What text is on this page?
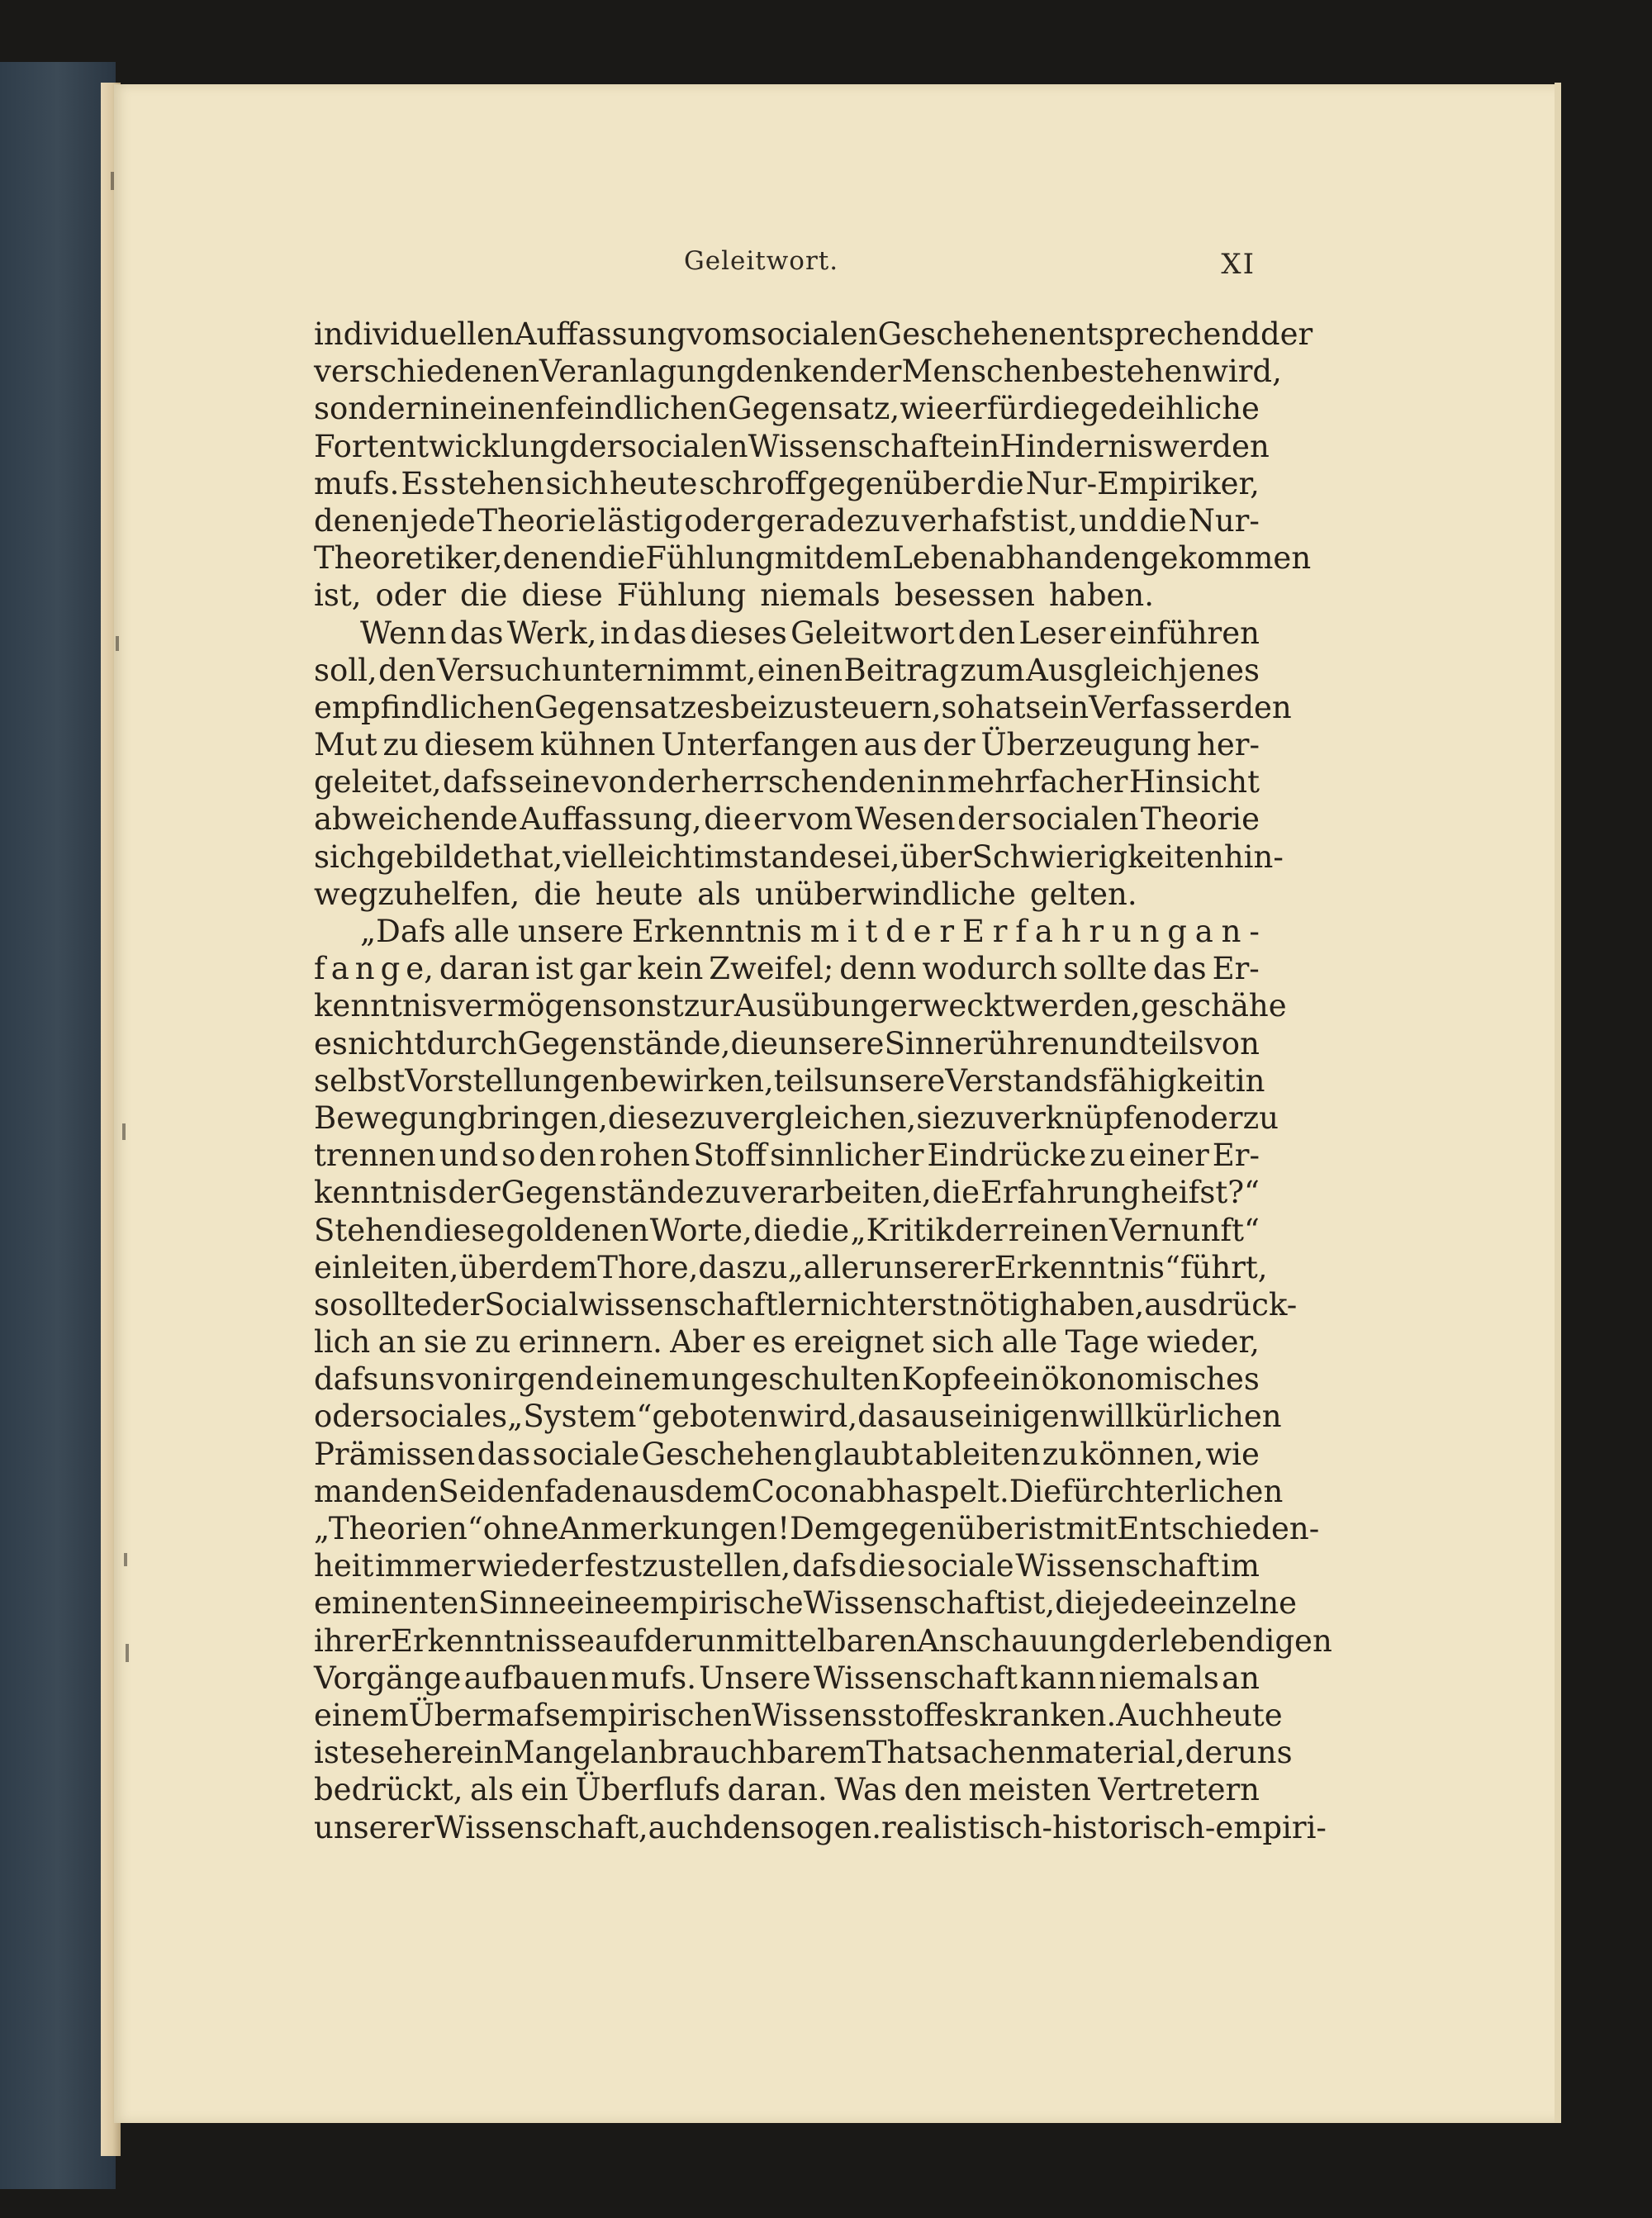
Geleitwort.	XI
individuellen Auffassung vom socialen Geschehen entsprechend der
verschiedenen Veranlagung denkender Menschen bestehen wird,
sondern in einen feindlichen Gegensatz, wie er für die gedeihliche
Fortentwicklung der socialen Wissenschaft ein Hindernis werden
mufs. Es stehen sich heute schroff gegenüber die Nur-Empiriker,
denen jede Theorie lästig oder geradezu verhafst ist, und die Nur-
Theoretiker, denen die Fühlung mit dem Leben abhanden gekommen
ist, oder die diese Fühlung niemals besessen haben.
Wenn das Werk, in das dieses Geleitwort den Leser einführen
soll, den Versuch unternimmt, einen Beitrag zum Ausgleich jenes
empfindlichen Gegensatzes beizusteuern, so hat sein Verfasser den
Mut zu diesem kühnen Unterfangen aus der Überzeugung her-
geleitet, dafs seine von der herrschenden in mehrfacher Hinsicht
abweichende Auffassung, die er vom Wesen der socialen Theorie
sich gebildet hat, vielleicht imstande sei, über Schwierigkeiten hin-
wegzuhelfen, die heute als unüberwindliche gelten.
„Dafs alle unsere Erkenntnis m i t d e r E r f a h r u n g a n -
f a n g e, daran ist gar kein Zweifel; denn wodurch sollte das Er-
kenntnisvermögen sonst zur Ausübung erweckt werden, geschähe
es nicht durch Gegenstände, die unsere Sinne rühren und teils von
selbst Vorstellungen bewirken, teils unsere Verstandsfähigkeit in
Bewegung bringen, diese zu vergleichen, sie zu verknüpfen oder zu
trennen und so den rohen Stoff sinnlicher Eindrücke zu einer Er-
kenntnis der Gegenstände zu verarbeiten, die Erfahrung heifst?“
Stehen diese goldenen Worte, die die „Kritik der reinen Vernunft“
einleiten, über dem Thore, das zu „aller unserer Erkenntnis“ führt,
so sollte der Socialwissenschaftler nicht erst nötig haben, ausdrück-
lich an sie zu erinnern. Aber es ereignet sich alle Tage wieder,
dafs uns von irgend einem ungeschulten Kopfe ein ökonomisches
oder sociales „System“ geboten wird, das aus einigen willkürlichen
Prämissen das sociale Geschehen glaubt ableiten zu können, wie
man den Seidenfaden aus dem Cocon abhaspelt. Die fürchterlichen
„Theorien“ ohne Anmerkungen! Demgegenüber ist mit Entschieden-
heit immer wieder festzustellen, dafs die sociale Wissenschaft im
eminenten Sinne eine empirische Wissenschaft ist, die jede einzelne
ihrer Erkenntnisse auf der unmittelbaren Anschauung der lebendigen
Vorgänge aufbauen mufs. Unsere Wissenschaft kann niemals an
einem Übermafs empirischen Wissensstoffes kranken. Auch heute
ist es eher ein Mangel an brauchbarem Thatsachenmaterial, der uns
bedrückt, als ein Überflufs daran. Was den meisten Vertretern
unserer Wissenschaft, auch den sogen. realistisch-historisch-empiri-
